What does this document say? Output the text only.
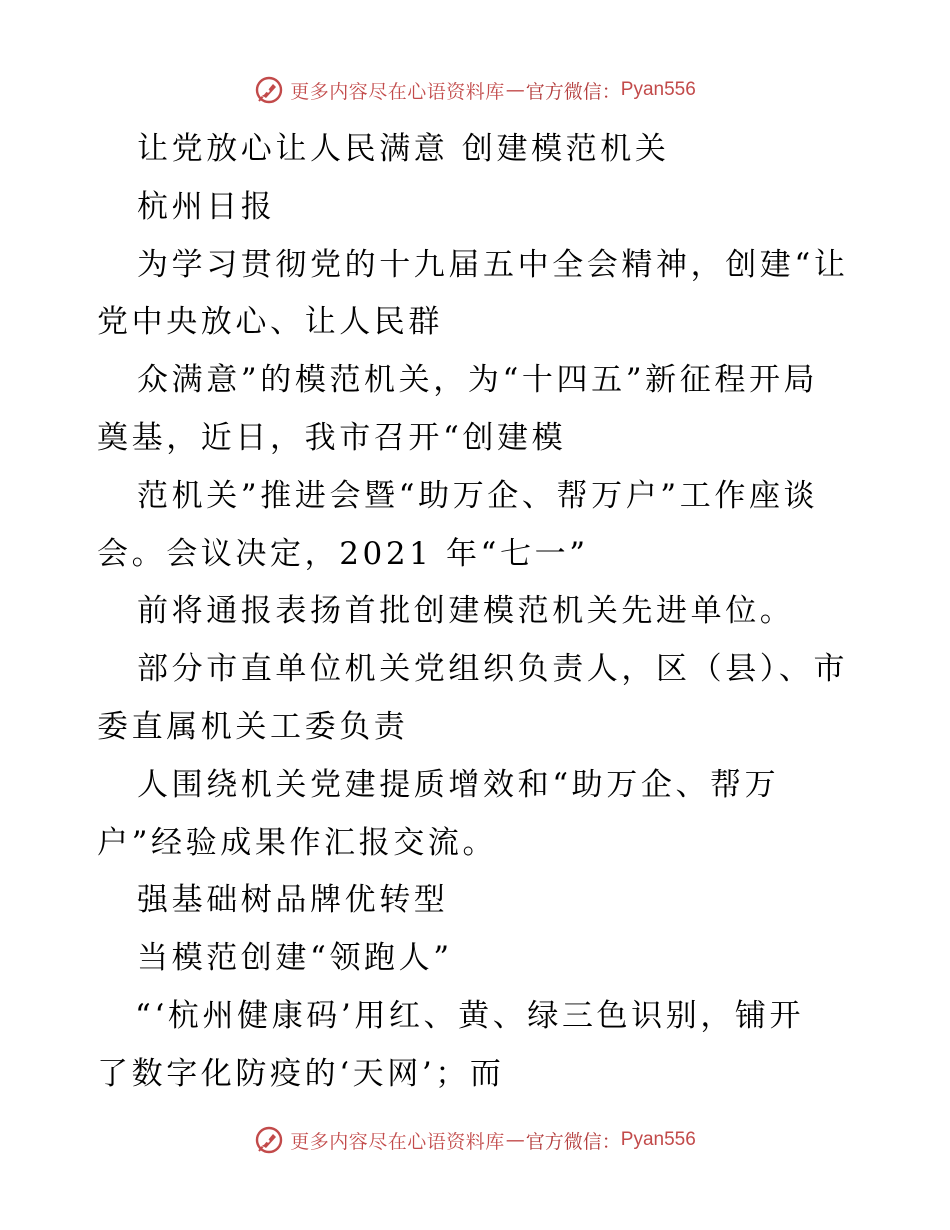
更多内容尽在心语资料库 — 官方微信 ： Pyan556
让党放心让人民满意 创建模范机关
杭州日报
为学习贯彻党的十九届五中全会精神，创建“让
党中央放心、让人民群
众满意”的模范机关，为“十四五”新征程开局
奠基，近日，我市召开“创建模
范机关”推进会暨“助万企、帮万户”工作座谈
会。会议决定，2021 年“七一”
前将通报表扬首批创建模范机关先进单位。
部分市直单位机关党组织负责人，区（县）、市
委直属机关工委负责
人围绕机关党建提质增效和“助万企、帮万
户”经验成果作汇报交流。
强基础树品牌优转型
当模范创建“领跑人”
“‘杭州健康码’用红、黄、绿三色识别，铺开
了数字化防疫的‘天网’；而
更多内容尽在心语资料库 — 官方微信 ： Pyan556
